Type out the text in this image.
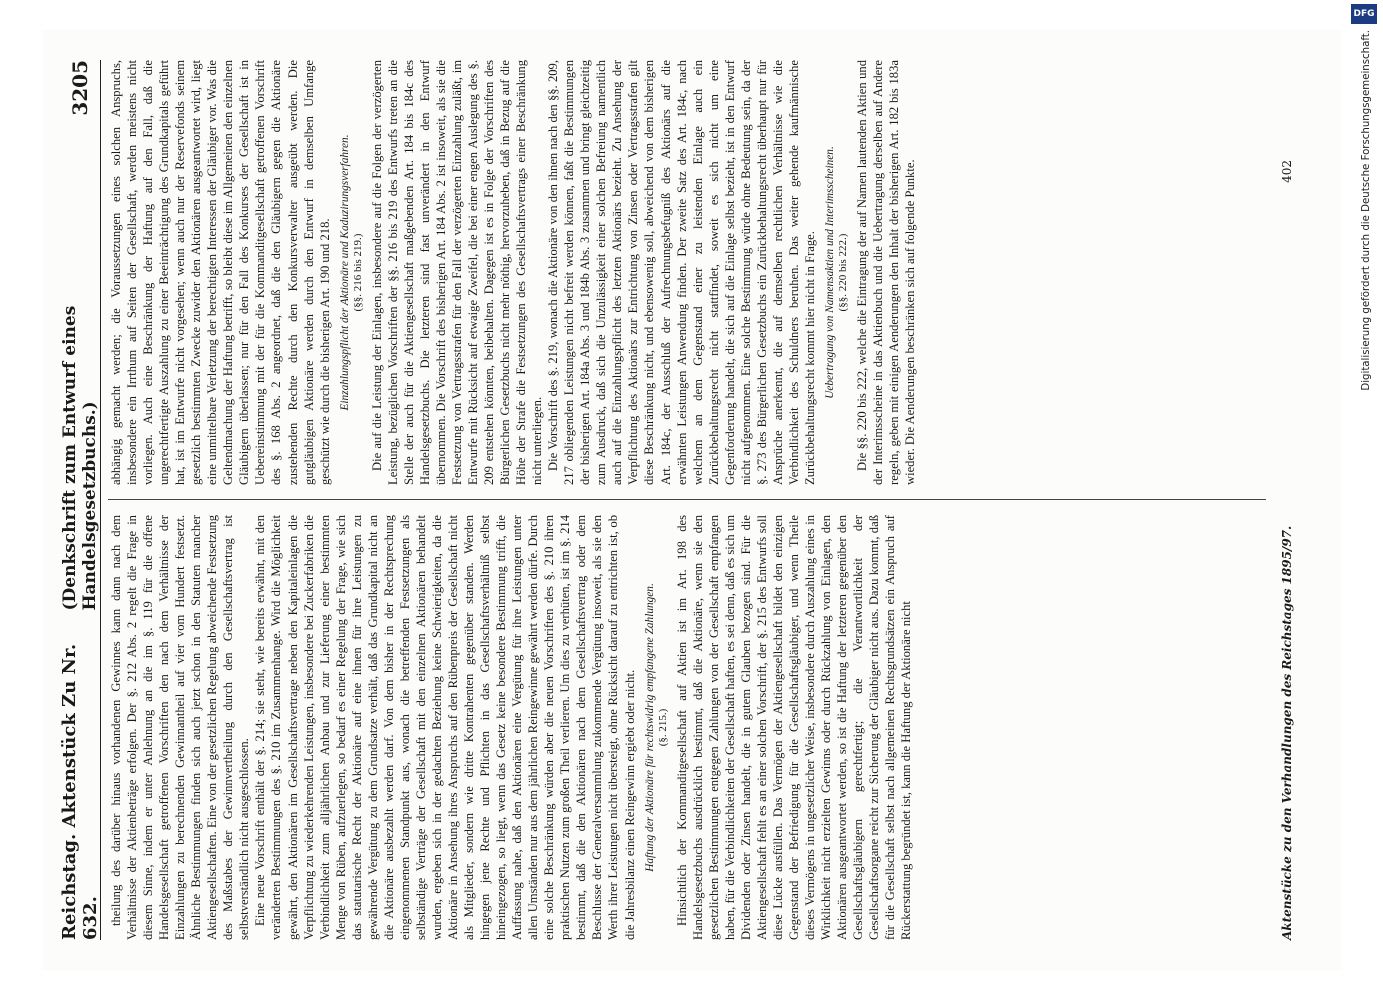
Reichstag. Aktenstück Zu Nr. 632.
(Denkschrift zum Entwurf eines Handelsgesetzbuchs.)
3205

theilung des darüber hinaus vorhandenen Gewinnes kann dann nach dem Verhältnisse der Aktienbeträge erfolgen. Der §. 212 Abs. 2 regelt die Frage in diesem Sinne, indem er unter Anlehnung an die im §. 119 für die offene Handelsgesellschaft getroffenen Vorschriften den nach dem Verhältnisse der Einzahlungen zu berechnenden Gewinnantheil auf vier vom Hundert festsetzt. Ähnliche Bestimmungen finden sich auch jetzt schon in den Statuten mancher Aktiengesellschaften. Eine von der gesetzlichen Regelung abweichende Festsetzung des Maßstabes der Gewinnvertheilung durch den Gesellschaftsvertrag ist selbstverständlich nicht ausgeschlossen. Eine neue Vorschrift enthält der §. 214; sie steht, wie bereits erwähnt, mit den veränderten Bestimmungen des §. 210 im Zusammenhange. Wird die Möglichkeit gewährt, den Aktionären im Gesellschaftsvertrage neben den Kapitaleinlagen die Verpflichtung zu wiederkehrenden Leistungen, insbesondere bei Zuckerfabriken die Verbindlichkeit zum alljährlichen Anbau und zur Lieferung einer bestimmten Menge von Rüben, aufzuerlegen, so bedarf es einer Regelung der Frage, wie sich das statutarische Recht der Aktionäre auf eine ihnen für ihre Leistungen zu gewährende Vergütung zu dem Grundsatze verhält, daß das Grundkapital nicht an die Aktionäre ausbezahlt werden darf. Von dem bisher in der Rechtsprechung eingenommenen Standpunkt aus, wonach die betreffenden Festsetzungen als selbständige Verträge der Gesellschaft mit den einzelnen Aktionären behandelt wurden, ergeben sich in der gedachten Beziehung keine Schwierigkeiten, da die Aktionäre in Ansehung ihres Anspruchs auf den Rübenpreis der Gesellschaft nicht als Mitglieder, sondern wie dritte Kontrahenten gegenüber standen. Werden hingegen jene Rechte und Pflichten in das Gesellschaftsverhältniß selbst hineingezogen, so liegt, wenn das Gesetz keine besondere Bestimmung trifft, die Auffassung nahe, daß den Aktionären eine Vergütung für ihre Leistungen unter allen Umständen nur aus dem jährlichen Reingewinne gewährt werden dürfe. Durch eine solche Beschränkung würden aber die neuen Vorschriften des §. 210 ihren praktischen Nutzen zum großen Theil verlieren. Um dies zu verhüten, ist im §. 214 bestimmt, daß die den Aktionären nach dem Gesellschaftsvertrag oder dem Beschlusse der Generalversammlung zukommende Vergütung insoweit, als sie den Werth ihrer Leistungen nicht übersteigt, ohne Rücksicht darauf zu entrichten ist, ob die Jahresbilanz einen Reingewinn ergiebt oder nicht. Haftung der Aktionäre für rechtswidrig empfangene Zahlungen. (§. 215.) Hinsichtlich der Kommanditgesellschaft auf Aktien ist im Art. 198 des Handelsgesetzbuchs ausdrücklich bestimmt, daß die Aktionäre, wenn sie den gesetzlichen Bestimmungen entgegen Zahlungen von der Gesellschaft empfangen haben, für die Verbindlichkeiten der Gesellschaft haften, es sei denn, daß es sich um Dividenden oder Zinsen handelt, die in gutem Glauben bezogen sind. Für die Aktiengesellschaft fehlt es an einer solchen Vorschrift, der §. 215 des Entwurfs soll diese Lücke ausfüllen. Das Vermögen der Aktiengesellschaft bildet den einzigen Gegenstand der Befriedigung für die Gesellschaftsgläubiger, und wenn Theile dieses Vermögens in ungesetzlicher Weise, insbesondere durch Auszahlung eines in Wirklichkeit nicht erzielten Gewinns oder durch Rückzahlung von Einlagen, den Aktionären ausgeantwortet werden, so ist die Haftung der letzteren gegenüber den Gesellschaftsgläubigern gerechtfertigt; die Verantwortlichkeit der Gesellschaftsorgane reicht zur Sicherung der Gläubiger nicht aus. Dazu kommt, daß für die Gesellschaft selbst nach allgemeinen Rechtsgrundsätzen ein Anspruch auf Rückerstattung begründet ist, kann die Haftung der Aktionäre nicht

abhängig gemacht werden; die Voraussetzungen eines solchen Anspruchs, insbesondere ein Irrthum auf Seiten der Gesellschaft, werden meistens nicht vorliegen. Auch eine Beschränkung der Haftung auf den Fall, daß die ungerechtfertigte Auszahlung zu einer Beeinträchtigung des Grundkapitals geführt hat, ist im Entwurfe nicht vorgesehen; wenn auch nur der Reservefonds seinem gesetzlich bestimmten Zwecke zuwider den Aktionären ausgeantwortet wird, liegt eine unmittelbare Verletzung der berechtigten Interessen der Gläubiger vor. Was die Geltendmachung der Haftung betrifft, so bleibt diese im Allgemeinen den einzelnen Gläubigern überlassen; nur für den Fall des Konkurses der Gesellschaft ist in Uebereinstimmung mit der für die Kommanditgesellschaft getroffenen Vorschrift des §. 168 Abs. 2 angeordnet, daß die den Gläubigern gegen die Aktionäre zustehenden Rechte durch den Konkursverwalter ausgeübt werden. Die gutgläubigen Aktionäre werden durch den Entwurf in demselben Umfange geschützt wie durch die bisherigen Art. 190 und 218. Einzahlungspflicht der Aktionäre und Kaduzirungsverfahren. (§§. 216 bis 219.) Die auf die Leistung der Einlagen, insbesondere auf die Folgen der verzögerten Leistung, bezüglichen Vorschriften der §§. 216 bis 219 des Entwurfs treten an die Stelle der auch für die Aktiengesellschaft maßgebenden Art. 184 bis 184c des Handelsgesetzbuchs. Die letzteren sind fast unverändert in den Entwurf übernommen. Die Vorschrift des bisherigen Art. 184 Abs. 2 ist insoweit, als sie die Festsetzung von Vertragsstrafen für den Fall der verzögerten Einzahlung zuläßt, im Entwurfe mit Rücksicht auf etwaige Zweifel, die bei einer engen Auslegung des §. 209 entstehen könnten, beibehalten. Dagegen ist es in Folge der Vorschriften des Bürgerlichen Gesetzbuchs nicht mehr nöthig, hervorzuheben, daß in Bezug auf die Höhe der Strafe die Festsetzungen des Gesellschaftsvertrags einer Beschränkung nicht unterliegen. Die Vorschrift des §. 219, wonach die Aktionäre von den ihnen nach den §§. 209, 217 obliegenden Leistungen nicht befreit werden können, faßt die Bestimmungen der bisherigen Art. 184a Abs. 3 und 184b Abs. 3 zusammen und bringt gleichzeitig zum Ausdruck, daß sich die Unzulässigkeit einer solchen Befreiung namentlich auch auf die Einzahlungspflicht des letzten Aktionärs bezieht. Zu Ansehung der Verpflichtung des Aktionärs zur Entrichtung von Zinsen oder Vertragsstrafen gilt diese Beschränkung nicht, und ebensowenig soll, abweichend von dem bisherigen Art. 184c, der Ausschluß der Aufrechnungsbefugniß des Aktionärs auf die erwähnten Leistungen Anwendung finden. Der zweite Satz des Art. 184c, nach welchem an dem Gegenstand einer zu leistenden Einlage auch ein Zurückbehaltungsrecht nicht stattfindet, soweit es sich nicht um eine Gegenforderung handelt, die sich auf die Einlage selbst bezieht, ist in den Entwurf nicht aufgenommen. Eine solche Bestimmung würde ohne Bedeutung sein, da der §. 273 des Bürgerlichen Gesetzbuchs ein Zurückbehaltungsrecht überhaupt nur für Ansprüche anerkennt, die auf demselben rechtlichen Verhältnisse wie die Verbindlichkeit des Schuldners beruhen. Das weiter gehende kaufmännische Zurückbehaltungsrecht kommt hier nicht in Frage. Uebertragung von Namensaktien und Interimsscheinen. (§§. 220 bis 222.) Die §§. 220 bis 222, welche die Eintragung der auf Namen lautenden Aktien und der Interimsscheine in das Aktienbuch und die Uebertragung derselben auf Andere regeln, geben mit einigen Aenderungen den Inhalt der bisherigen Art. 182 bis 183a wieder. Die Aenderungen beschränken sich auf folgende Punkte.

Aktenstücke zu den Verhandlungen des Reichstages 1895/97.
402
DFG
Digitalisierung gefördert durch die Deutsche Forschungsgemeinschaft.
